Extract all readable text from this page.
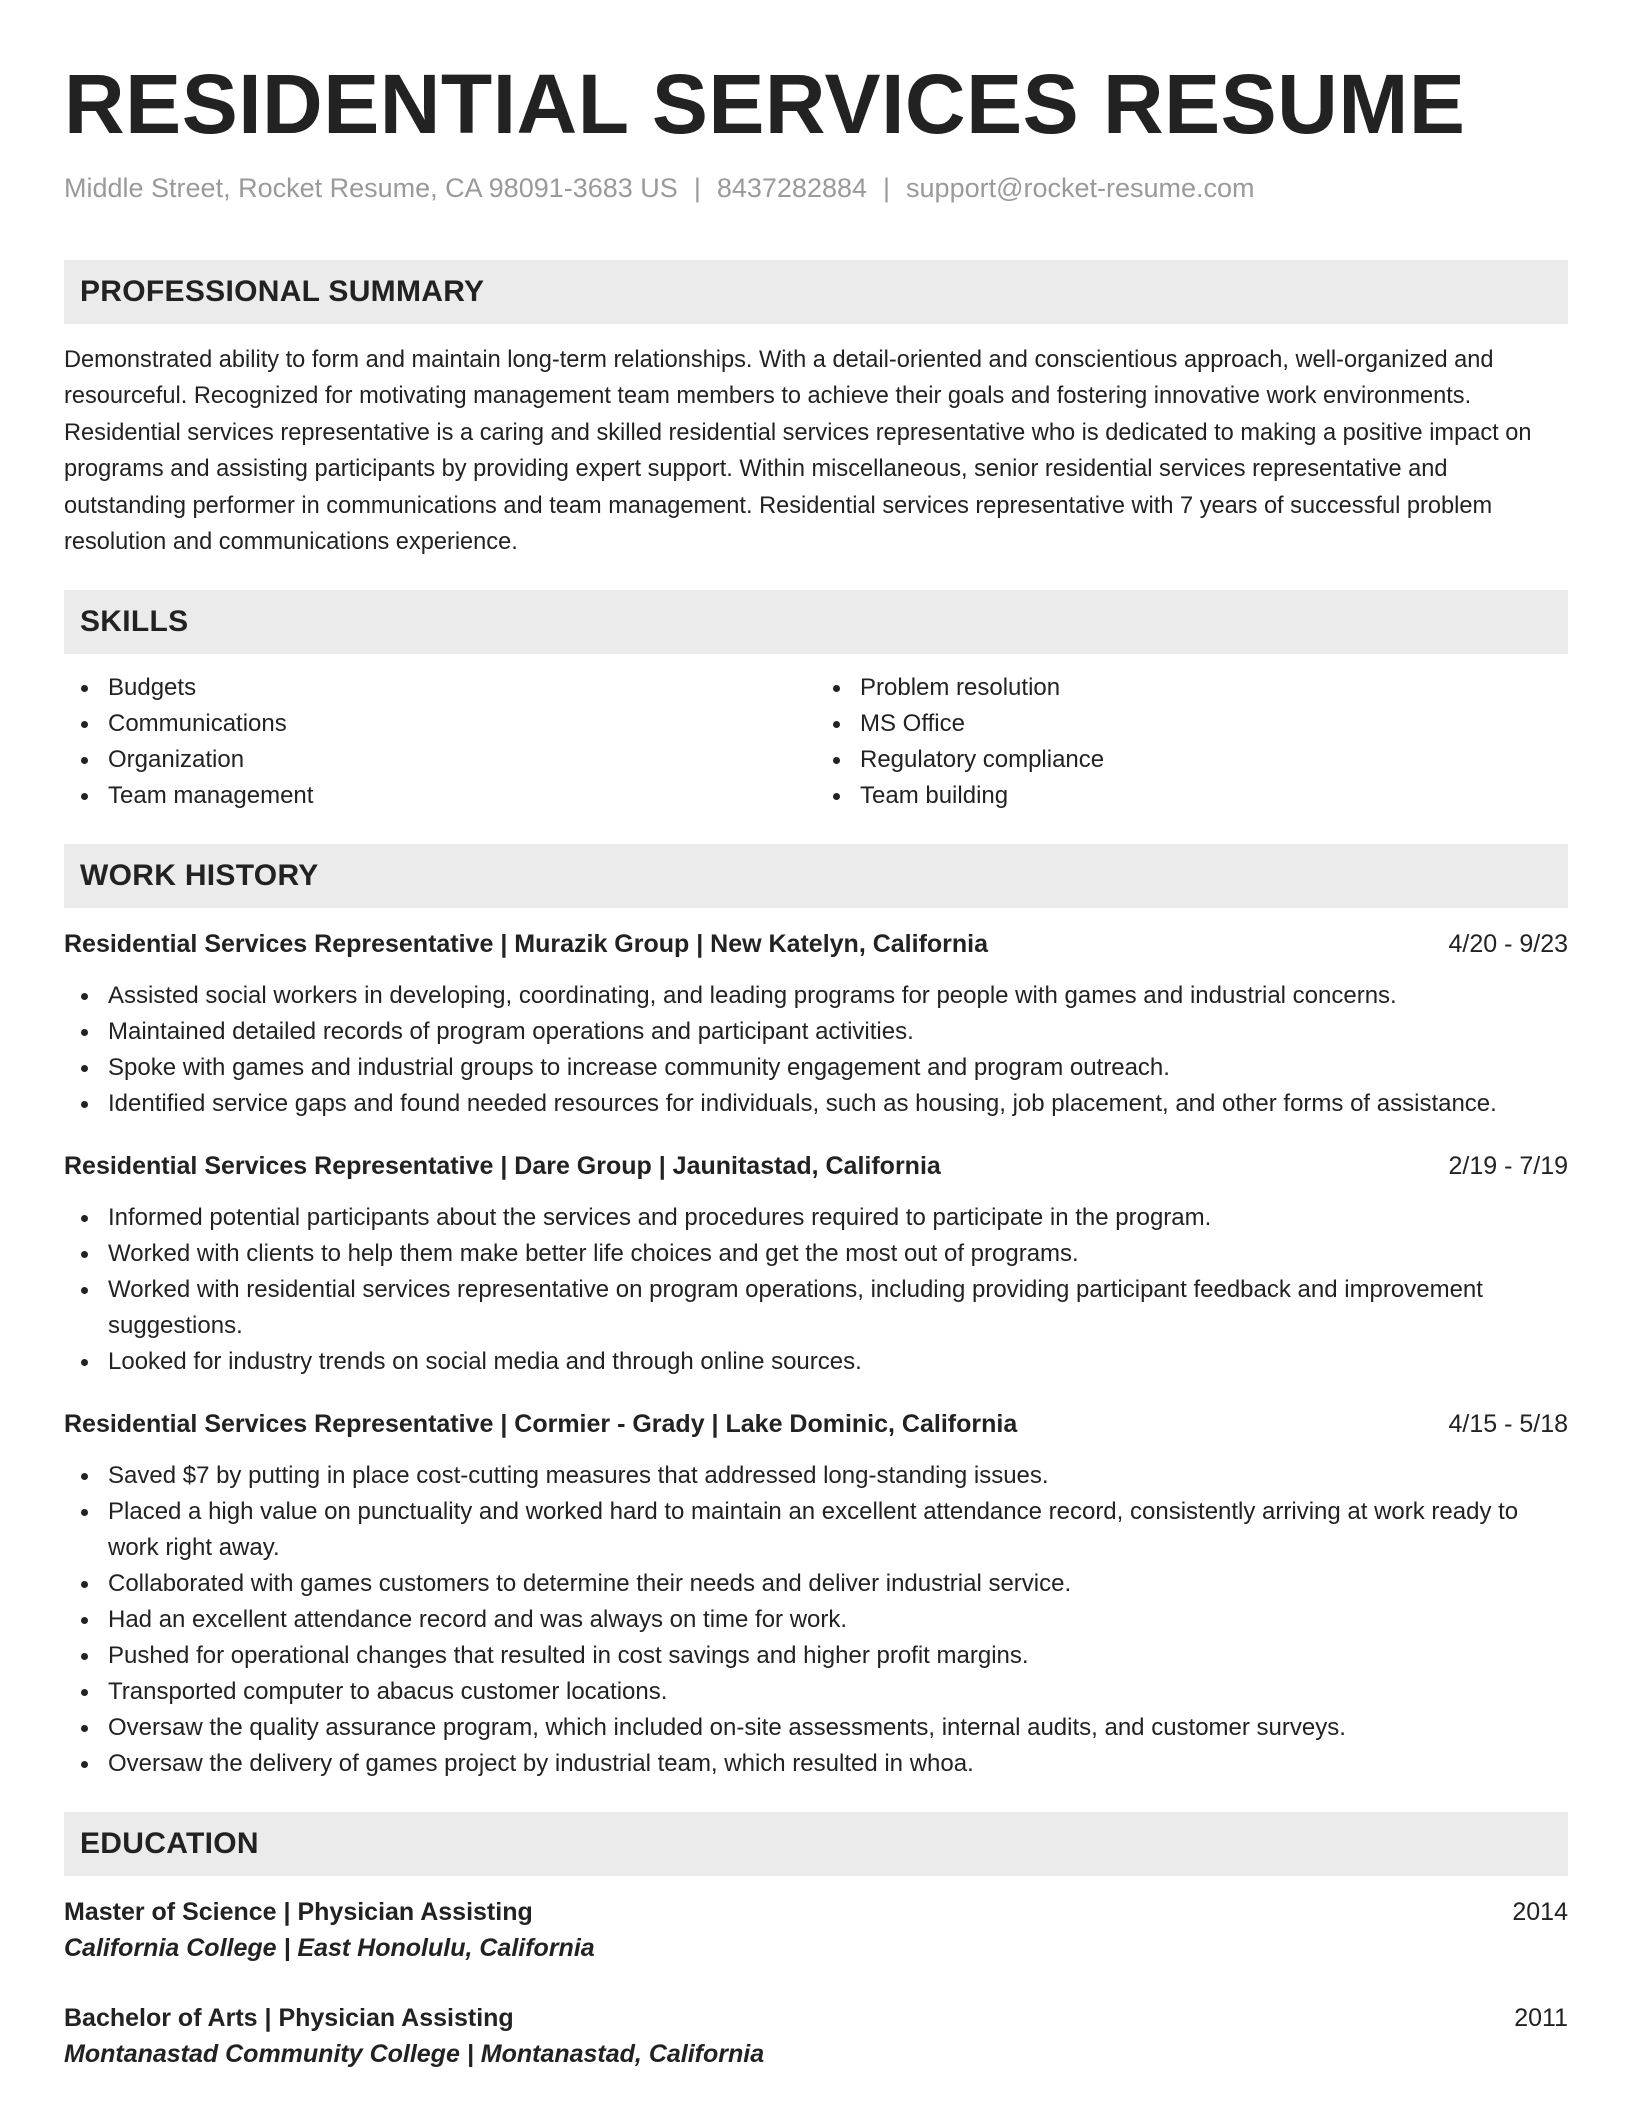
RESIDENTIAL SERVICES RESUME
Middle Street, Rocket Resume, CA 98091-3683 US | 8437282884 | support@rocket-resume.com
PROFESSIONAL SUMMARY
Demonstrated ability to form and maintain long-term relationships. With a detail-oriented and conscientious approach, well-organized and resourceful. Recognized for motivating management team members to achieve their goals and fostering innovative work environments. Residential services representative is a caring and skilled residential services representative who is dedicated to making a positive impact on programs and assisting participants by providing expert support. Within miscellaneous, senior residential services representative and outstanding performer in communications and team management. Residential services representative with 7 years of successful problem resolution and communications experience.
SKILLS
Budgets
Communications
Organization
Team management
Problem resolution
MS Office
Regulatory compliance
Team building
WORK HISTORY
Residential Services Representative | Murazik Group | New Katelyn, California	4/20 - 9/23
Assisted social workers in developing, coordinating, and leading programs for people with games and industrial concerns.
Maintained detailed records of program operations and participant activities.
Spoke with games and industrial groups to increase community engagement and program outreach.
Identified service gaps and found needed resources for individuals, such as housing, job placement, and other forms of assistance.
Residential Services Representative | Dare Group | Jaunitastad, California	2/19 - 7/19
Informed potential participants about the services and procedures required to participate in the program.
Worked with clients to help them make better life choices and get the most out of programs.
Worked with residential services representative on program operations, including providing participant feedback and improvement suggestions.
Looked for industry trends on social media and through online sources.
Residential Services Representative | Cormier - Grady | Lake Dominic, California	4/15 - 5/18
Saved $7 by putting in place cost-cutting measures that addressed long-standing issues.
Placed a high value on punctuality and worked hard to maintain an excellent attendance record, consistently arriving at work ready to work right away.
Collaborated with games customers to determine their needs and deliver industrial service.
Had an excellent attendance record and was always on time for work.
Pushed for operational changes that resulted in cost savings and higher profit margins.
Transported computer to abacus customer locations.
Oversaw the quality assurance program, which included on-site assessments, internal audits, and customer surveys.
Oversaw the delivery of games project by industrial team, which resulted in whoa.
EDUCATION
Master of Science | Physician Assisting	2014
California College | East Honolulu, California
Bachelor of Arts | Physician Assisting	2011
Montanastad Community College | Montanastad, California
